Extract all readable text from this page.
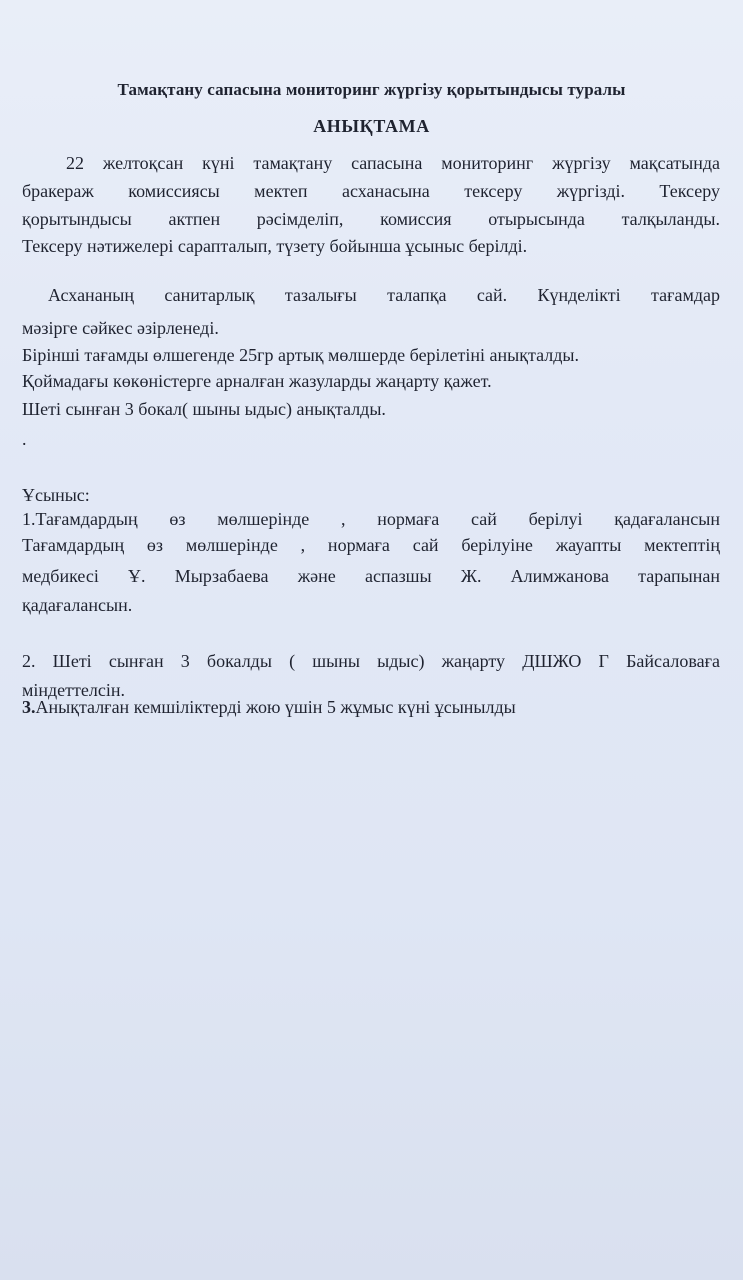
Тамақтану сапасына мониторинг жүргізу қорытындысы туралы
АНЫҚТАМА
22 желтоқсан күні тамақтану сапасына мониторинг жүргізу мақсатында
бракераж комиссиясы мектеп асханасына тексеру жүргізді. Тексеру
қорытындысы актпен рәсімделіп, комиссия отырысында талқыланды.
Тексеру нәтижелері сарапталып, түзету бойынша ұсыныс берілді.
Асхананың санитарлық тазалығы талапқа сай. Күнделікті тағамдар
мәзірге сәйкес әзірленеді.
Бірінші тағамды өлшегенде 25гр артық мөлшерде берілетіні анықталды.
Қоймадағы көкөністерге арналған жазуларды жаңарту қажет.
Шеті сынған 3 бокал( шыны ыдыс) анықталды.
.
Ұсыныс:
1.Тағамдардың өз мөлшерінде , нормаға сай берілуі қадағалансын
Тағамдардың өз мөлшерінде , нормаға сай берілуіне жауапты мектептің
медбикесі Ұ. Мырзабаева және аспазшы Ж. Алимжанова тарапынан
қадағалансын.
2. Шеті сынған 3 бокалды ( шыны ыдыс) жаңарту ДШЖО Г Байсаловаға
міндеттелсін.
3.Анықталған кемшіліктерді жою үшін 5 жұмыс күні ұсынылды
